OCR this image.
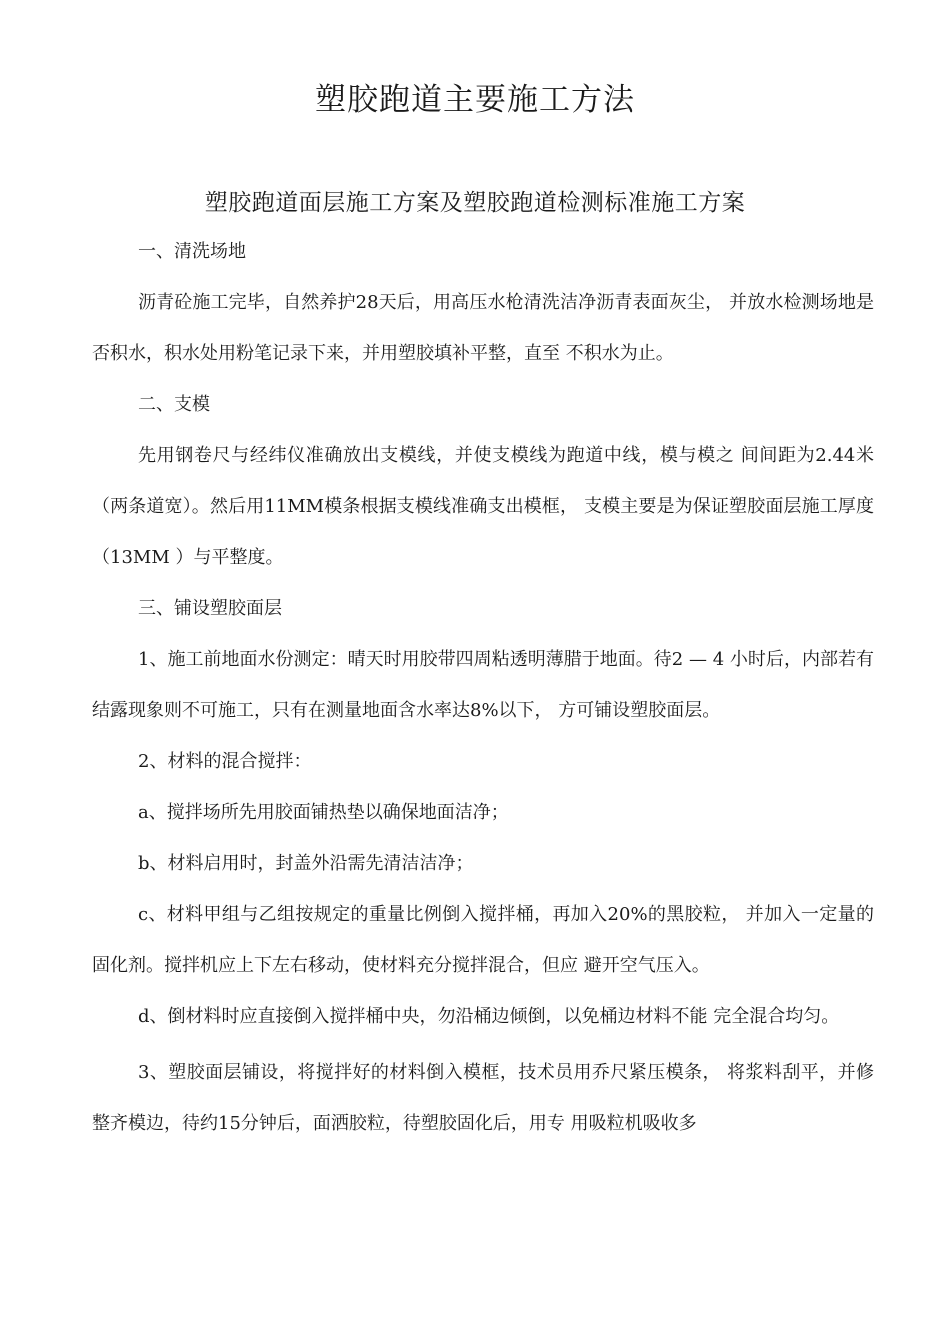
塑胶跑道主要施工方法
塑胶跑道面层施工方案及塑胶跑道检测标准施工方案

一、清洗场地

沥青砼施工完毕，自然养护28天后，用高压水枪清洗洁净沥青表面灰尘， 并放水检测场地是否积水，积水处用粉笔记录下来，并用塑胶填补平整，直至 不积水为止。

二、支模

先用钢卷尺与经纬仪准确放出支模线，并使支模线为跑道中线，模与模之 间间距为2.44米（两条道宽）。然后用11MM模条根据支模线准确支出模框， 支模主要是为保证塑胶面层施工厚度（13MM ）与平整度。

三、铺设塑胶面层

1、施工前地面水份测定：晴天时用胶带四周粘透明薄腊于地面。待2 — 4 小时后，内部若有结露现象则不可施工，只有在测量地面含水率达8%以下， 方可铺设塑胶面层。

2、材料的混合搅拌：

a、搅拌场所先用胶面铺热垫以确保地面洁净；

b、材料启用时，封盖外沿需先清洁洁净；

c、材料甲组与乙组按规定的重量比例倒入搅拌桶，再加入20%的黑胶粒， 并加入一定量的固化剂。搅拌机应上下左右移动，使材料充分搅拌混合，但应 避开空气压入。

d、倒材料时应直接倒入搅拌桶中央，勿沿桶边倾倒，以免桶边材料不能 完全混合均匀。

3、塑胶面层铺设，将搅拌好的材料倒入模框，技术员用乔尺紧压模条， 将浆料刮平，并修整齐模边，待约15分钟后，面洒胶粒，待塑胶固化后，用专 用吸粒机吸收多
